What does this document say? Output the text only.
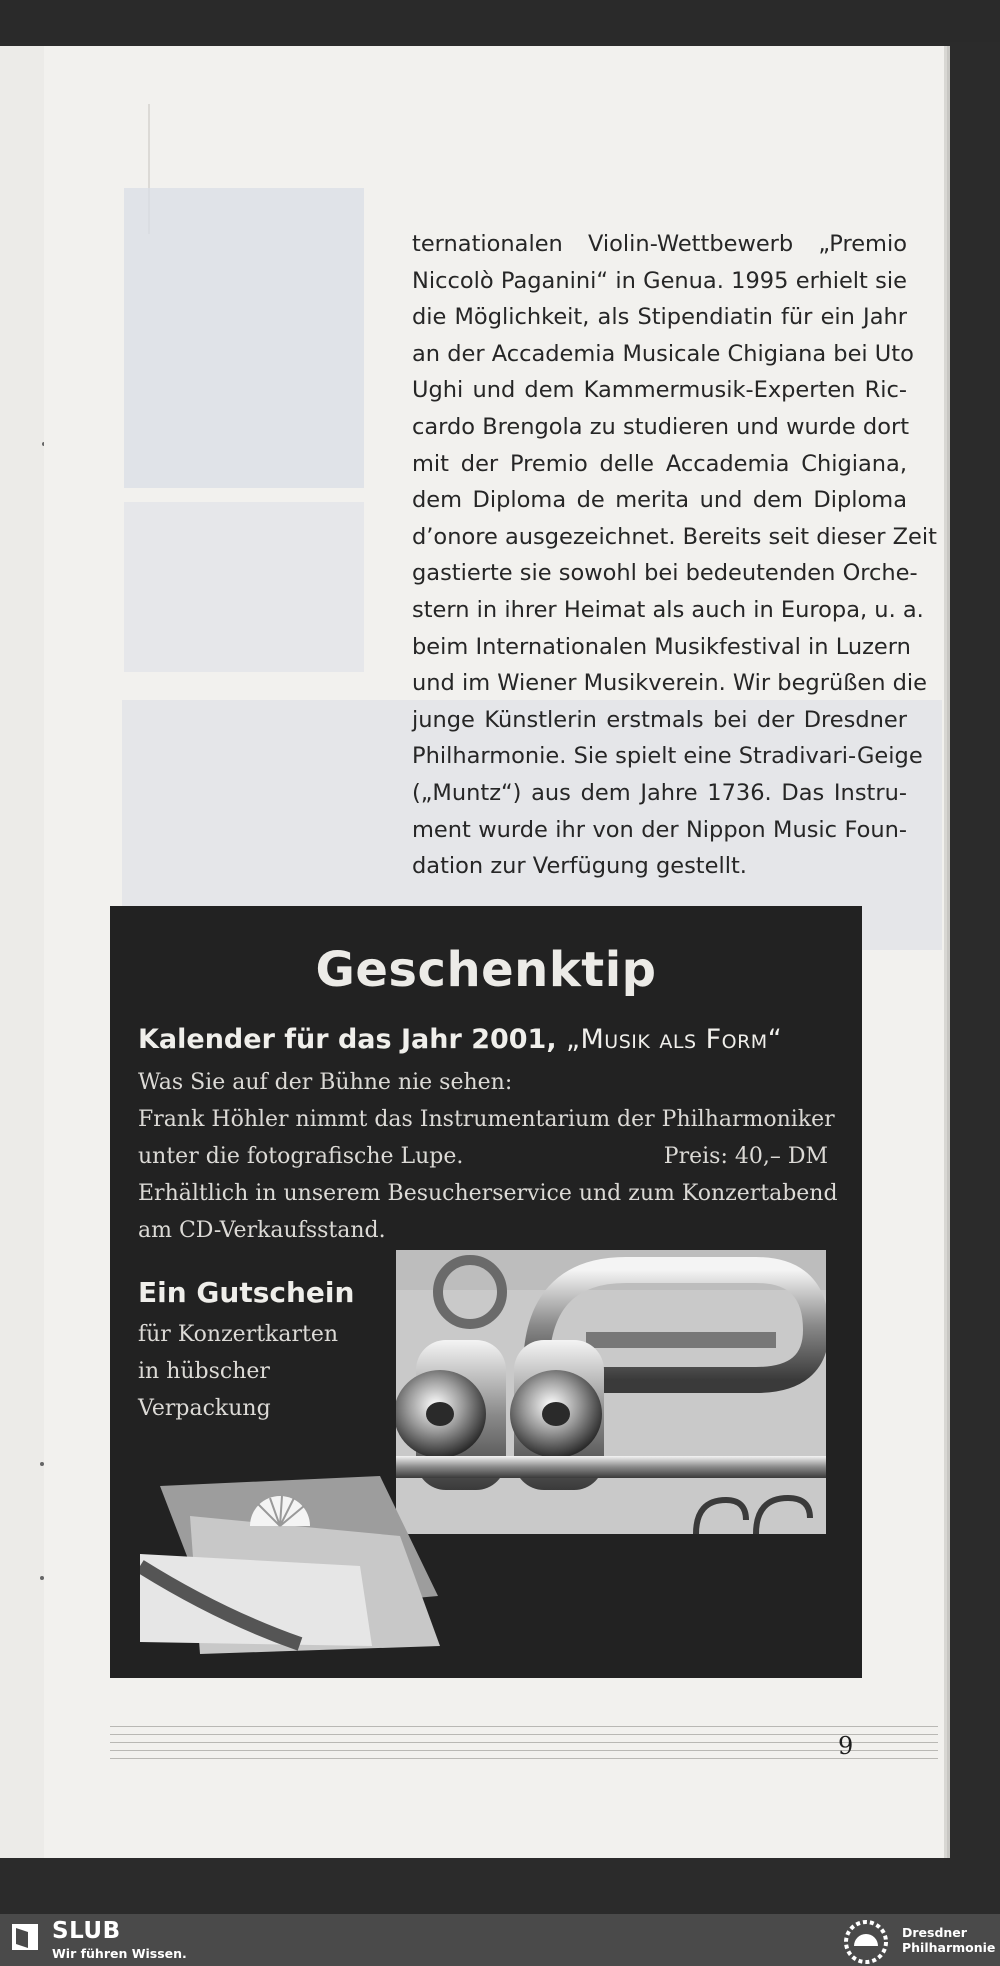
ternationalen Violin-Wettbewerb „Premio
Niccolò Paganini“ in Genua. 1995 erhielt sie
die Möglichkeit, als Stipendiatin für ein Jahr
an der Accademia Musicale Chigiana bei Uto
Ughi und dem Kammermusik-Experten Ric-
cardo Brengola zu studieren und wurde dort
mit der Premio delle Accademia Chigiana,
dem Diploma de merita und dem Diploma
d’onore ausgezeichnet. Bereits seit dieser Zeit
gastierte sie sowohl bei bedeutenden Orche-
stern in ihrer Heimat als auch in Europa, u. a.
beim Internationalen Musikfestival in Luzern
und im Wiener Musikverein. Wir begrüßen die
junge Künstlerin erstmals bei der Dresdner
Philharmonie. Sie spielt eine Stradivari-Geige
(„Muntz“) aus dem Jahre 1736. Das Instru-
ment wurde ihr von der Nippon Music Foun-
dation zur Verfügung gestellt.

Geschenktip
Kalender für das Jahr 2001, „Musik als Form“
Was Sie auf der Bühne nie sehen:
Frank Höhler nimmt das Instrumentarium der Philharmoniker
unter die fotografische Lupe.	Preis: 40,– DM
Erhältlich in unserem Besucherservice und zum Konzertabend
am CD-Verkaufsstand.
Ein Gutschein
für Konzertkarten
in hübscher
Verpackung
9
SLUB
Wir führen Wissen.
Dresdner
Philharmonie
